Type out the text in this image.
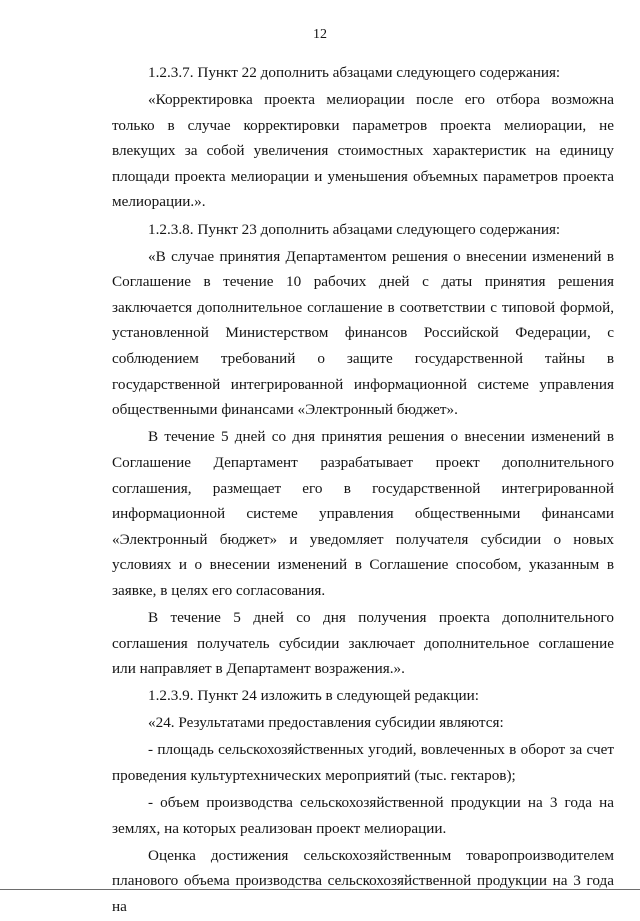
12

1.2.3.7. Пункт 22 дополнить абзацами следующего содержания:

«Корректировка проекта мелиорации после его отбора возможна только в случае корректировки параметров проекта мелиорации, не влекущих за собой увеличения стоимостных характеристик на единицу площади проекта мелиорации и уменьшения объемных параметров проекта мелиорации.».

1.2.3.8. Пункт 23 дополнить абзацами следующего содержания:

«В случае принятия Департаментом решения о внесении изменений в Соглашение в течение 10 рабочих дней с даты принятия решения заключается дополнительное соглашение в соответствии с типовой формой, установленной Министерством финансов Российской Федерации, с соблюдением требований о защите государственной тайны в государственной интегрированной информационной системе управления общественными финансами «Электронный бюджет».

В течение 5 дней со дня принятия решения о внесении изменений в Соглашение Департамент разрабатывает проект дополнительного соглашения, размещает его в государственной интегрированной информационной системе управления общественными финансами «Электронный бюджет» и уведомляет получателя субсидии о новых условиях и о внесении изменений в Соглашение способом, указанным в заявке, в целях его согласования.

В течение 5 дней со дня получения проекта дополнительного соглашения получатель субсидии заключает дополнительное соглашение или направляет в Департамент возражения.».

1.2.3.9. Пункт 24 изложить в следующей редакции:

«24. Результатами предоставления субсидии являются:

- площадь сельскохозяйственных угодий, вовлеченных в оборот за счет проведения культуртехнических мероприятий (тыс. гектаров);

- объем производства сельскохозяйственной продукции на 3 года на землях, на которых реализован проект мелиорации.

Оценка достижения сельскохозяйственным товаропроизводителем планового объема производства сельскохозяйственной продукции на 3 года на
